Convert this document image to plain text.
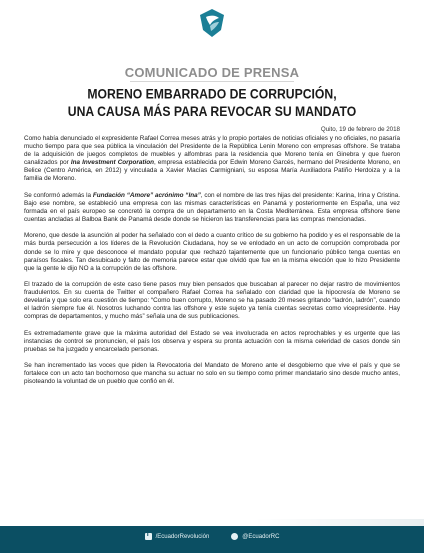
COMUNICADO DE PRENSA
MORENO EMBARRADO DE CORRUPCIÓN,
UNA CAUSA MÁS PARA REVOCAR SU MANDATO
Quito, 19 de febrero de 2018

Como había denunciado el expresidente Rafael Correa meses atrás y lo propio portales de noticias oficiales y no oficiales, no pasaría mucho tiempo para que sea pública la vinculación del Presidente de la República Lenin Moreno con empresas offshore. Se trataba de la adquisición de juegos completos de muebles y alfombras para la residencia que Moreno tenía en Ginebra y que fueron canalizados por Ina Investment Corporation, empresa establecida por Edwin Moreno Garcés, hermano del Presidente Moreno, en Belice (Centro América, en 2012) y vinculada a Xavier Macías Carmigniani, su esposa María Auxiliadora Patiño Herdoiza y a la familia de Moreno.

Se conformó además la Fundación “Amore” acrónimo “Ina”, con el nombre de las tres hijas del presidente: Karina, Irina y Cristina. Bajo ese nombre, se estableció una empresa con las mismas características en Panamá y posteriormente en España, una vez formada en el país europeo se concretó la compra de un departamento en la Costa Mediterránea. Esta empresa offshore tiene cuentas ancladas al Balboa Bank de Panamá desde donde se hicieron las transferencias para las compras mencionadas.

Moreno, que desde la asunción al poder ha señalado con el dedo a cuanto crítico de su gobierno ha podido y es el responsable de la más burda persecución a los líderes de la Revolución Ciudadana, hoy se ve enlodado en un acto de corrupción comprobada por donde se lo mire y que desconoce el mandato popular que rechazó tajantemente que un funcionario público tenga cuentas en paraísos fiscales. Tan desubicado y falto de memoria parece estar que olvidó que fue en la misma elección que lo hizo Presidente que la gente le dijo NO a la corrupción de las offshore.

El trazado de la corrupción de este caso tiene pasos muy bien pensados que buscaban al parecer no dejar rastro de movimientos fraudulentos. En su cuenta de Twitter el compañero Rafael Correa ha señalado con claridad que la hipocresía de Moreno se develaría y que solo era cuestión de tiempo: “Como buen corrupto, Moreno se ha pasado 20 meses gritando “ladrón, ladrón”, cuando el ladrón siempre fue él. Nosotros luchando contra las offshore y este sujeto ya tenía cuentas secretas como vicepresidente. Hay compras de departamentos, y mucho más” señala una de sus publicaciones.

Es extremadamente grave que la máxima autoridad del Estado se vea involucrada en actos reprochables y es urgente que las instancias de control se pronuncien, el país los observa y espera su pronta actuación con la misma celeridad de casos donde sin pruebas se ha juzgado y encarcelado personas.

Se han incrementado las voces que piden la Revocatoria del Mandato de Moreno ante el desgobierno que vive el país y que se fortalece con un acto tan bochornoso que mancha su actuar no solo en su tiempo como primer mandatario sino desde mucho antes, pisoteando la voluntad de un pueblo que confió en él.

f
/EcuadorRevolución	@EcuadorRC
